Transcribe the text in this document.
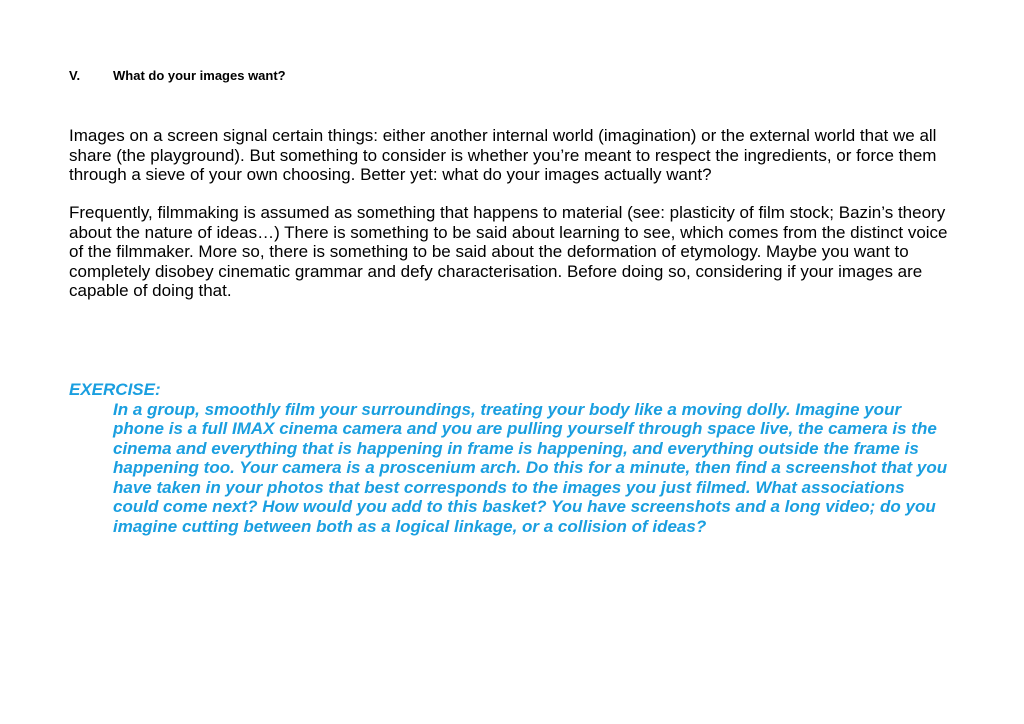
V.	What do your images want?

Images on a screen signal certain things: either another internal world (imagination) or the external world that we all share (the playground). But something to consider is whether you’re meant to respect the ingredients, or force them through a sieve of your own choosing. Better yet: what do your images actually want?

Frequently, filmmaking is assumed as something that happens to material (see: plasticity of film stock; Bazin’s theory about the nature of ideas…) There is something to be said about learning to see, which comes from the distinct voice of the filmmaker. More so, there is something to be said about the deformation of etymology. Maybe you want to completely disobey cinematic grammar and defy characterisation. Before doing so, considering if your images are capable of doing that.

EXERCISE:
In a group, smoothly film your surroundings, treating your body like a moving dolly. Imagine your phone is a full IMAX cinema camera and you are pulling yourself through space live, the camera is the cinema and everything that is happening in frame is happening, and everything outside the frame is happening too. Your camera is a proscenium arch. Do this for a minute, then find a screenshot that you have taken in your photos that best corresponds to the images you just filmed. What associations could come next? How would you add to this basket? You have screenshots and a long video; do you imagine cutting between both as a logical linkage, or a collision of ideas?
